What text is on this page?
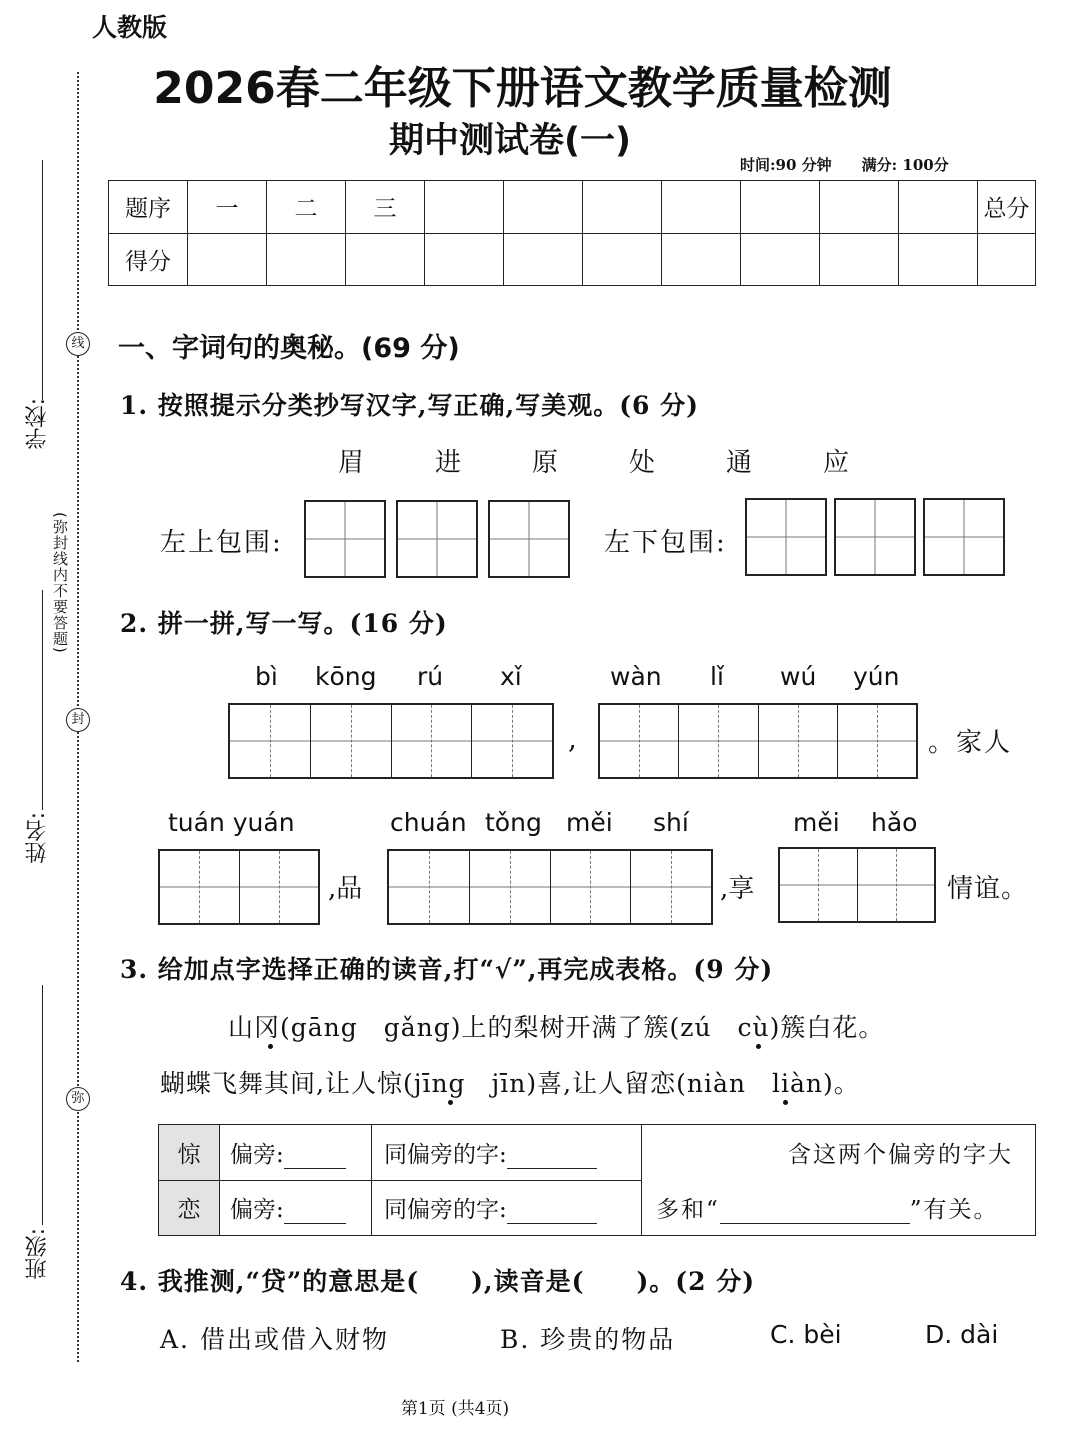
线
封
弥
(弥封线内不要答题)
学校:
姓名:
班级:
人教版
2026春二年级下册语文教学质量检测
期中测试卷(一)
时间:90 分钟　　满分: 100分
题序	一	二	三								总分
得分											
一、字词句的奥秘。(69 分)
1. 按照提示分类抄写汉字,写正确,写美观。(6 分)
眉	进	原	处	通	应
左上包围:	左下包围:
2. 拼一拼,写一写。(16 分)
bì kōng rú xǐ	wàn lǐ wú yún
,	。家人
tuán yuán	chuán tǒng měi shí	měi hǎo
,品	,享	情谊。
3. 给加点字选择正确的读音,打“√”,再完成表格。(9 分)
山冈(gāng　gǎng)上的梨树开满了簇(zú　cù)簇白花。
蝴蝶飞舞其间,让人惊(jīng　jīn)喜,让人留恋(niàn　liàn)。
惊	偏旁:	同偏旁的字:	含这两个偏旁的字大
恋	偏旁:	同偏旁的字:	多和“ ”有关。
4. 我推测,“贷”的意思是(　　),读音是(　　)。(2 分)
A. 借出或借入财物	B. 珍贵的物品	C. bèi	D. dài
第1页 (共4页)
